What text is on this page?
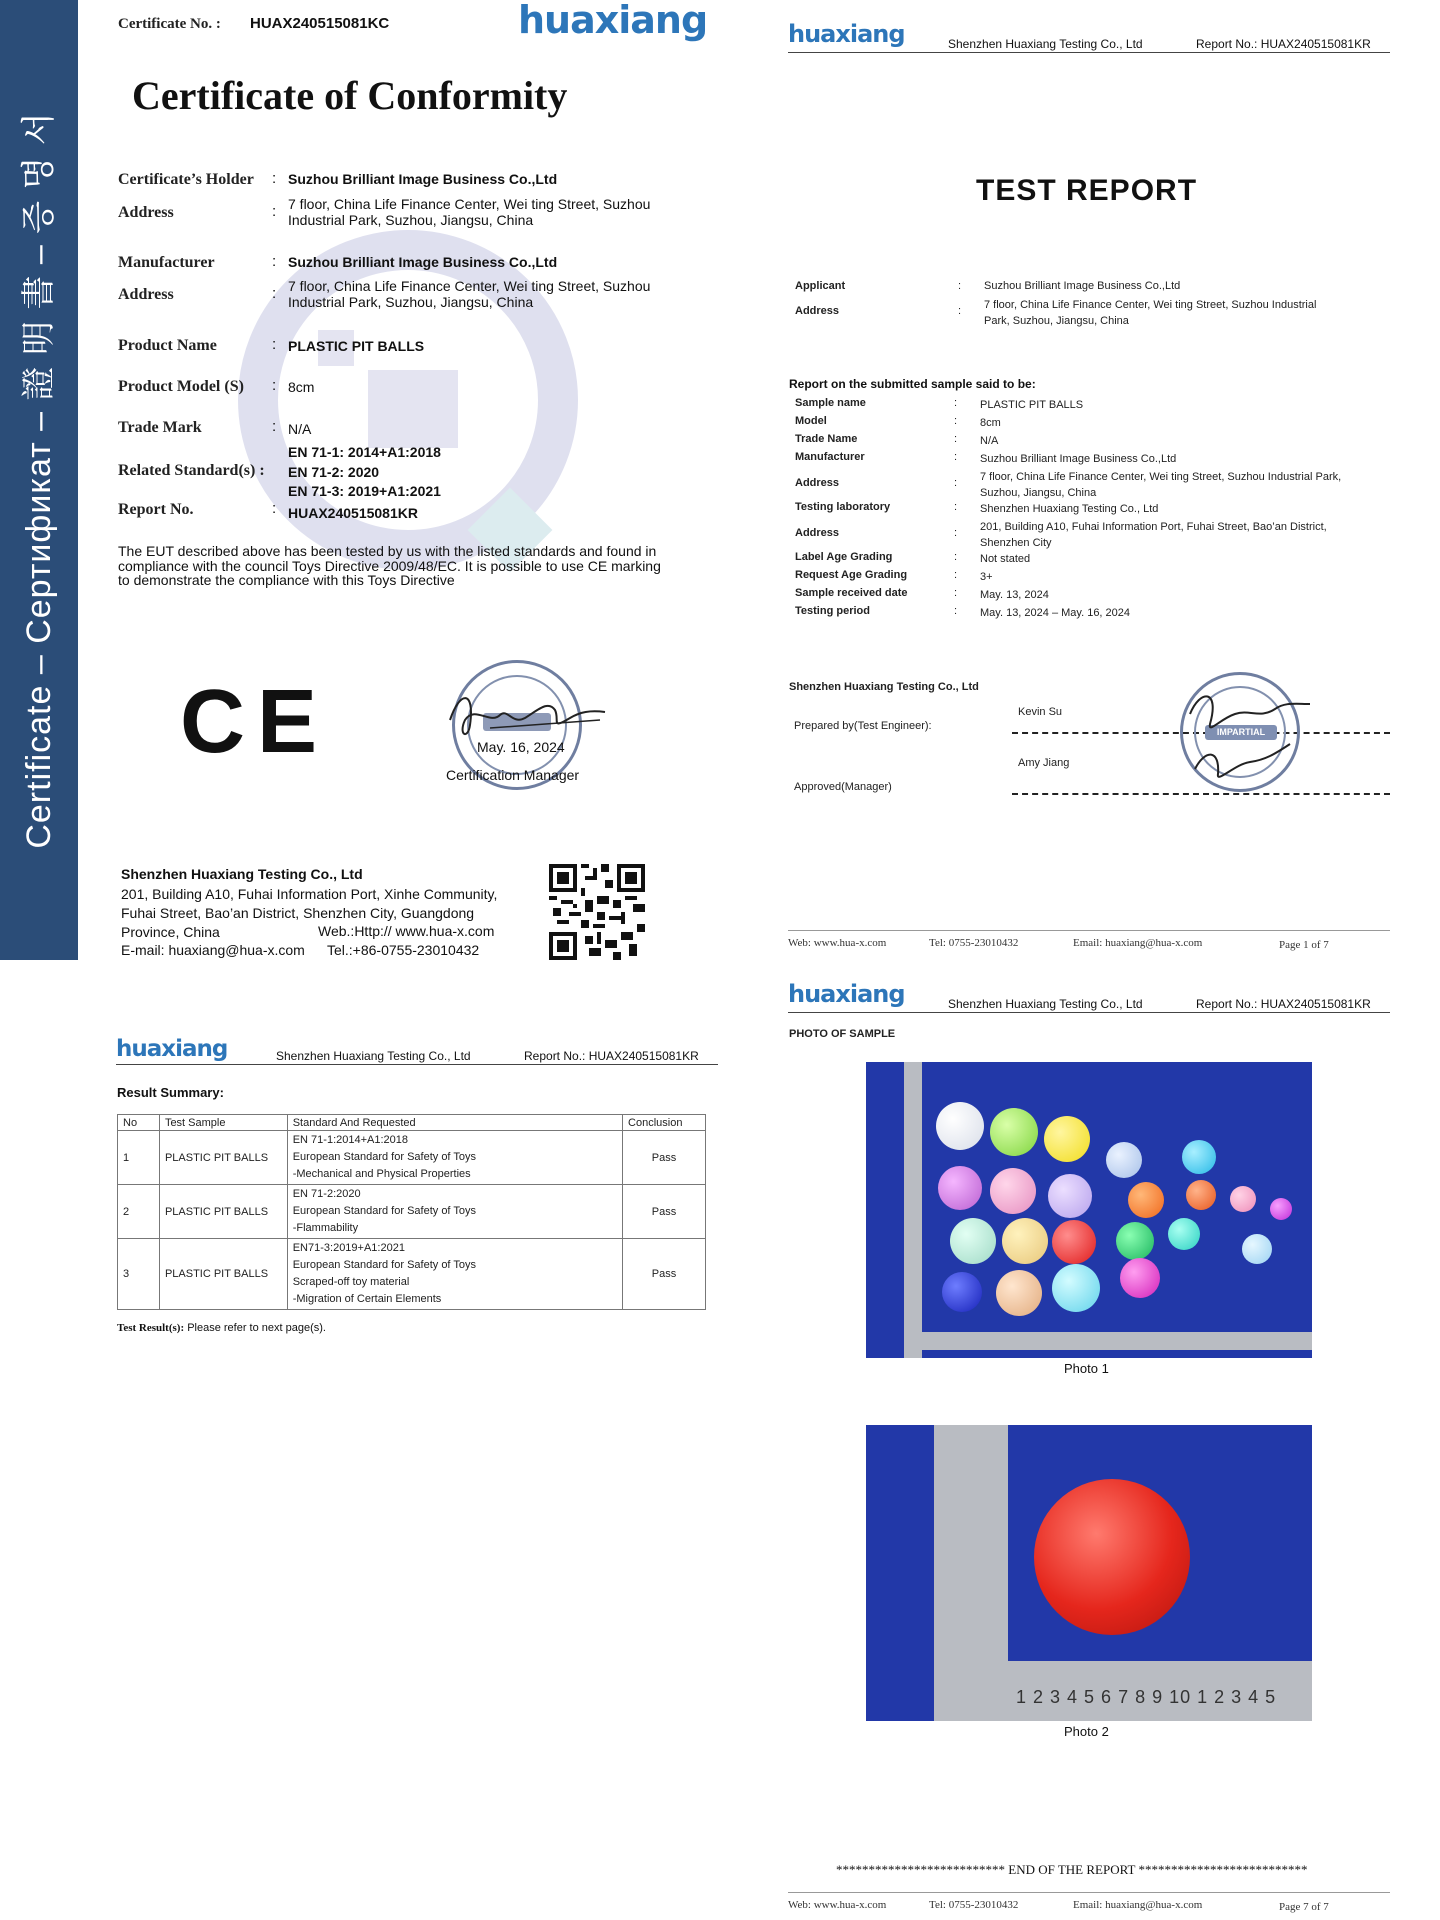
Certificate – Сертификат – 證 明 書 – 증 명 서
Certificate No. : HUAX240515081KC	huaxiang
Certificate of Conformity
Certificate’s Holder : Suzhou Brilliant Image Business Co.,Ltd
Address	: 7 floor, China Life Finance Center, Wei ting Street, Suzhou
Industrial Park, Suzhou, Jiangsu, China
Manufacturer	: Suzhou Brilliant Image Business Co.,Ltd
Address	: 7 floor, China Life Finance Center, Wei ting Street, Suzhou
Industrial Park, Suzhou, Jiangsu, China
Product Name	: PLASTIC PIT BALLS
Product Model (S) : 8cm
Trade Mark	: N/A
Related Standard(s) :
EN 71-1: 2014+A1:2018
EN 71-2: 2020
EN 71-3: 2019+A1:2021
Report No.	: HUAX240515081KR
The EUT described above has been tested by us with the listed standards and found in
compliance with the council Toys Directive 2009/48/EC. It is possible to use CE marking
to demonstrate the compliance with this Toys Directive
CE	May. 16, 2024
Certification Manager
Shenzhen Huaxiang Testing Co., Ltd
201, Building A10, Fuhai Information Port, Xinhe Community,
Fuhai Street, Bao’an District, Shenzhen City, Guangdong
Province, China	Web.:Http:// www.hua-x.com
E-mail: huaxiang@hua-x.com Tel.:+86-0755-23010432
huaxiang	Shenzhen Huaxiang Testing Co., Ltd	Report No.: HUAX240515081KR
TEST REPORT
Applicant	: Suzhou Brilliant Image Business Co.,Ltd
Address	: 7 floor, China Life Finance Center, Wei ting Street, Suzhou Industrial
Park, Suzhou, Jiangsu, China
Report on the submitted sample said to be:
Sample name	: PLASTIC PIT BALLS
Model	: 8cm
Trade Name	: N/A
Manufacturer	: Suzhou Brilliant Image Business Co.,Ltd
Address	: 7 floor, China Life Finance Center, Wei ting Street, Suzhou Industrial Park,
Suzhou, Jiangsu, China
Testing laboratory	: Shenzhen Huaxiang Testing Co., Ltd
Address	: 201, Building A10, Fuhai Information Port, Fuhai Street, Bao’an District,
Shenzhen City
Label Age Grading	: Not stated
Request Age Grading	: 3+
Sample received date	: May. 13, 2024
Testing period	: May. 13, 2024 – May. 16, 2024
Shenzhen Huaxiang Testing Co., Ltd
Prepared by(Test Engineer):
Kevin Su
Amy Jiang
Approved(Manager)
IMPARTIAL
Web: www.hua-x.com	Tel: 0755-23010432	Email: huaxiang@hua-x.com	Page 1 of 7
huaxiang	Shenzhen Huaxiang Testing Co., Ltd	Report No.: HUAX240515081KR
Result Summary:
No	Test Sample	Standard And Requested	Conclusion
1	PLASTIC PIT BALLS	EN 71-1:2014+A1:2018
European Standard for Safety of Toys
-Mechanical and Physical Properties	Pass
2	PLASTIC PIT BALLS	EN 71-2:2020
European Standard for Safety of Toys
-Flammability	Pass
3	PLASTIC PIT BALLS	EN71-3:2019+A1:2021
European Standard for Safety of Toys
Scraped-off toy material
-Migration of Certain Elements	Pass
Test Result(s): Please refer to next page(s).
huaxiang	Shenzhen Huaxiang Testing Co., Ltd	Report No.: HUAX240515081KR
PHOTO OF SAMPLE
Photo 1
1 2 3 4 5 6 7 8 9 10 1 2 3 4 5
Photo 2
************************** END OF THE REPORT **************************
Web: www.hua-x.com	Tel: 0755-23010432	Email: huaxiang@hua-x.com	Page 7 of 7
